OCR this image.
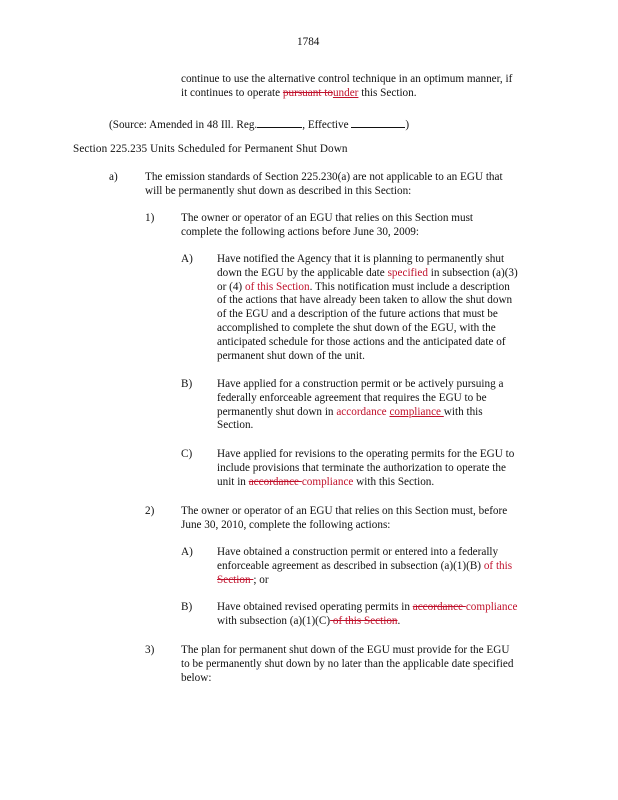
1784
continue to use the alternative control technique in an optimum manner, if
it continues to operate pursuant tounder this Section.
(Source: Amended in 48 Ill. Reg.	, Effective	)
Section 225.235 Units Scheduled for Permanent Shut Down
a) The emission standards of Section 225.230(a) are not applicable to an EGU that
will be permanently shut down as described in this Section:
1) The owner or operator of an EGU that relies on this Section must
complete the following actions before June 30, 2009:
A) Have notified the Agency that it is planning to permanently shut
down the EGU by the applicable date specified in subsection (a)(3)
or (4) of this Section. This notification must include a description
of the actions that have already been taken to allow the shut down
of the EGU and a description of the future actions that must be
accomplished to complete the shut down of the EGU, with the
anticipated schedule for those actions and the anticipated date of
permanent shut down of the unit.
B) Have applied for a construction permit or be actively pursuing a
federally enforceable agreement that requires the EGU to be
permanently shut down in accordance compliance with this
Section.
C) Have applied for revisions to the operating permits for the EGU to
include provisions that terminate the authorization to operate the
unit in accordance compliance with this Section.
2) The owner or operator of an EGU that relies on this Section must, before
June 30, 2010, complete the following actions:
A) Have obtained a construction permit or entered into a federally
enforceable agreement as described in subsection (a)(1)(B) of this
Section ; or
B) Have obtained revised operating permits in accordance compliance
with subsection (a)(1)(C) of this Section.
3) The plan for permanent shut down of the EGU must provide for the EGU
to be permanently shut down by no later than the applicable date specified
below:
